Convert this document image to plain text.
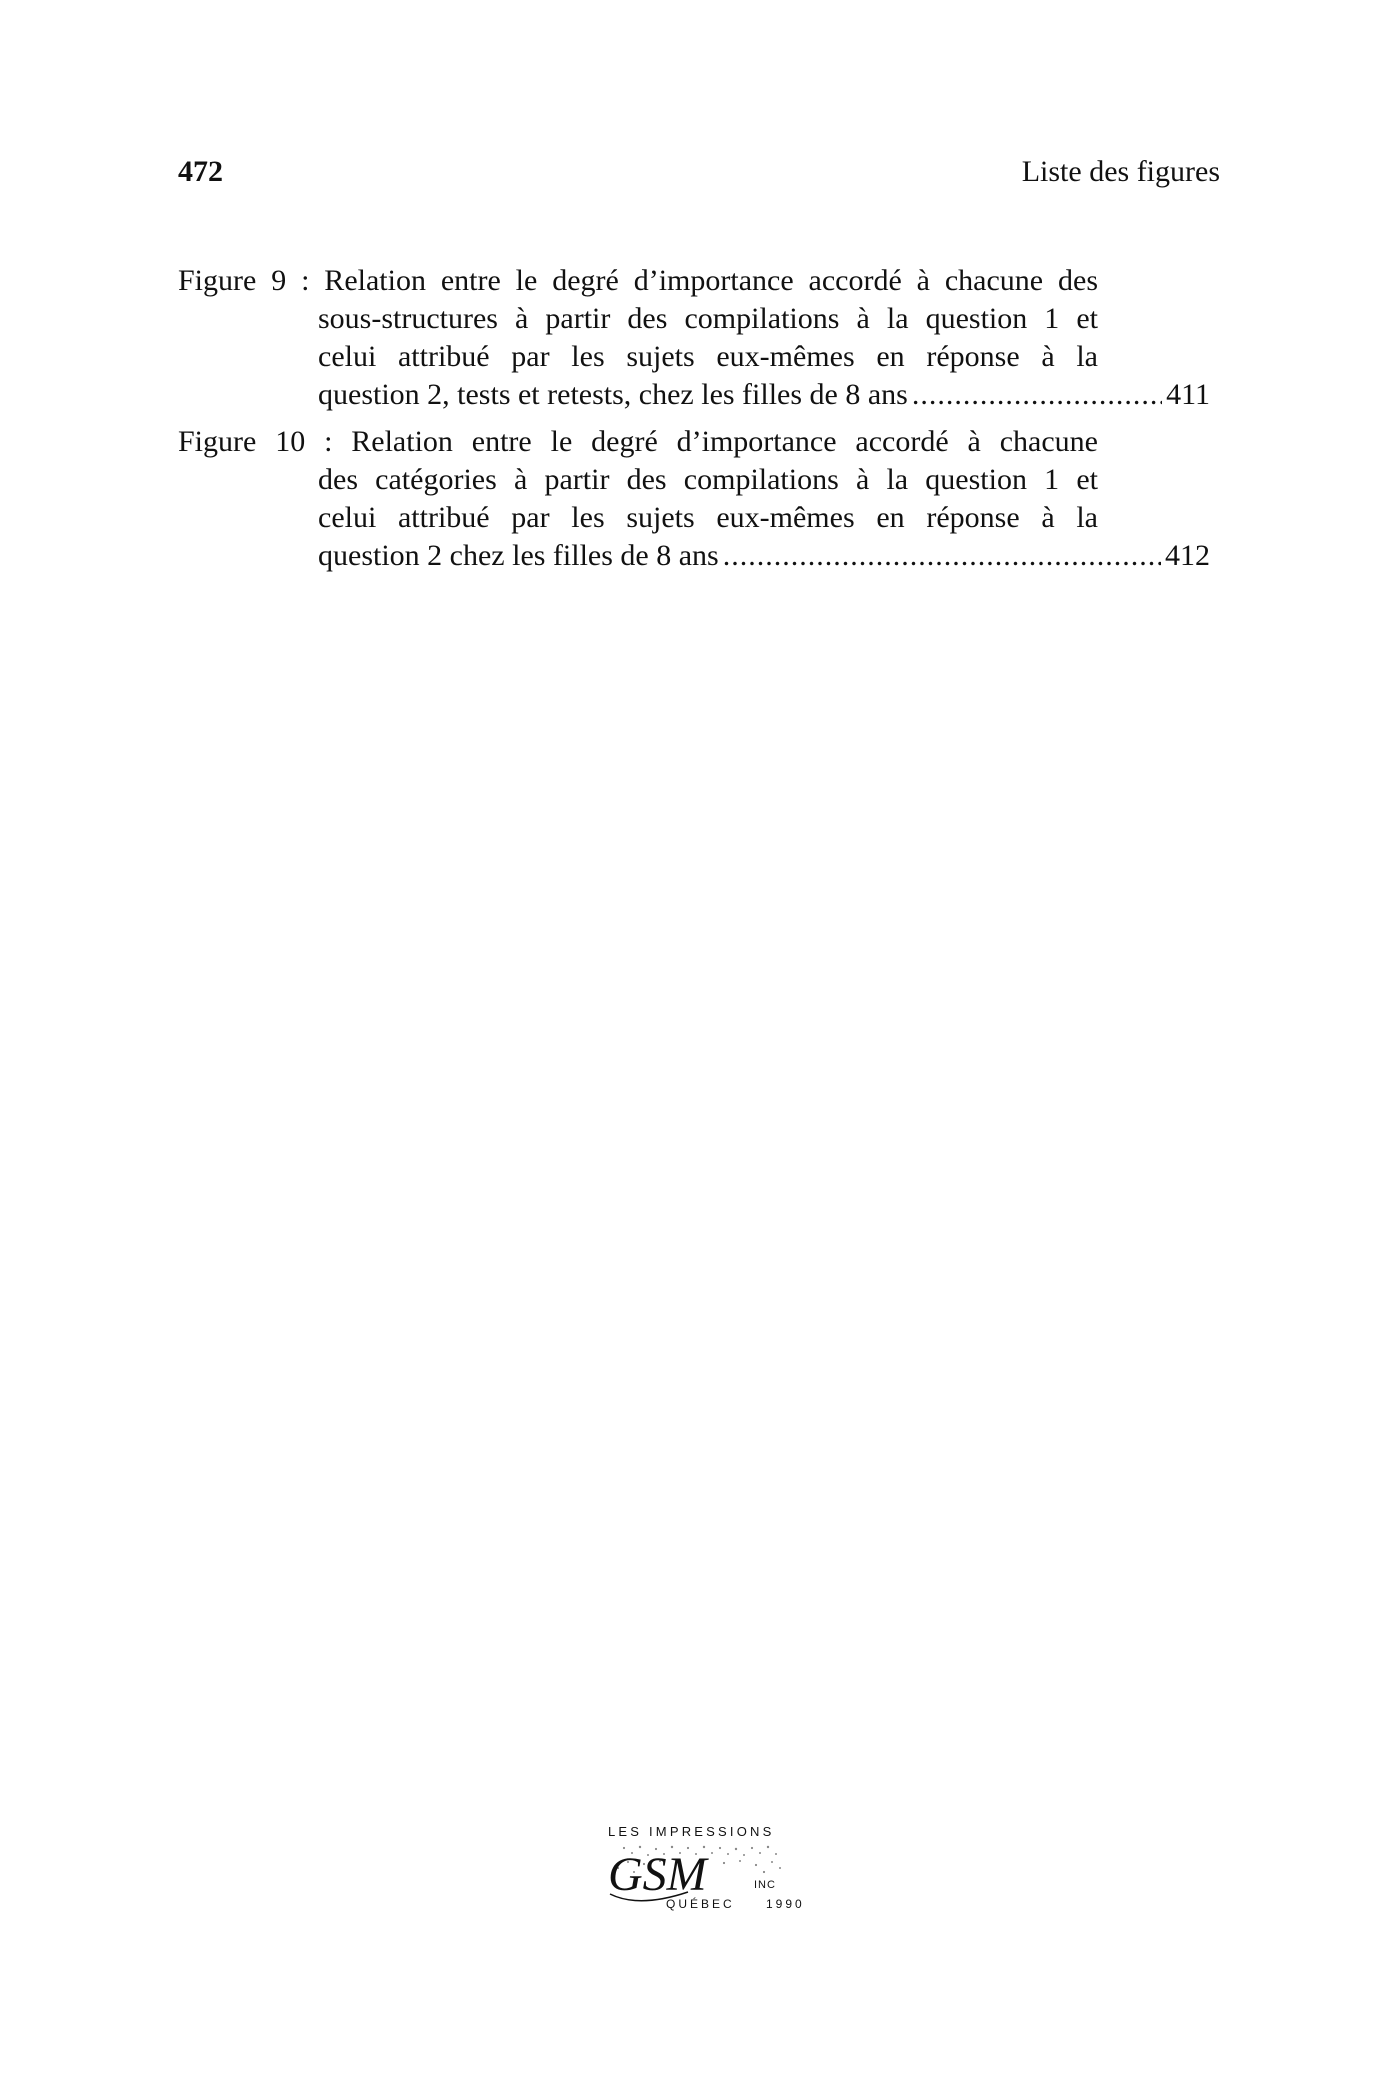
472	Liste des figures
Figure 9 : Relation entre le degré d’importance accordé à chacune des
sous-structures à partir des compilations à la question 1 et
celui attribué par les sujets eux-mêmes en réponse à la
question 2, tests et retests, chez les filles de 8 ans .....	411
Figure 10 : Relation entre le degré d’importance accordé à chacune
des catégories à partir des compilations à la question 1 et
celui attribué par les sujets eux-mêmes en réponse à la
question 2 chez les filles de 8 ans .....	412
LES IMPRESSIONS
GSM	INC
QUÉBEC	1990
